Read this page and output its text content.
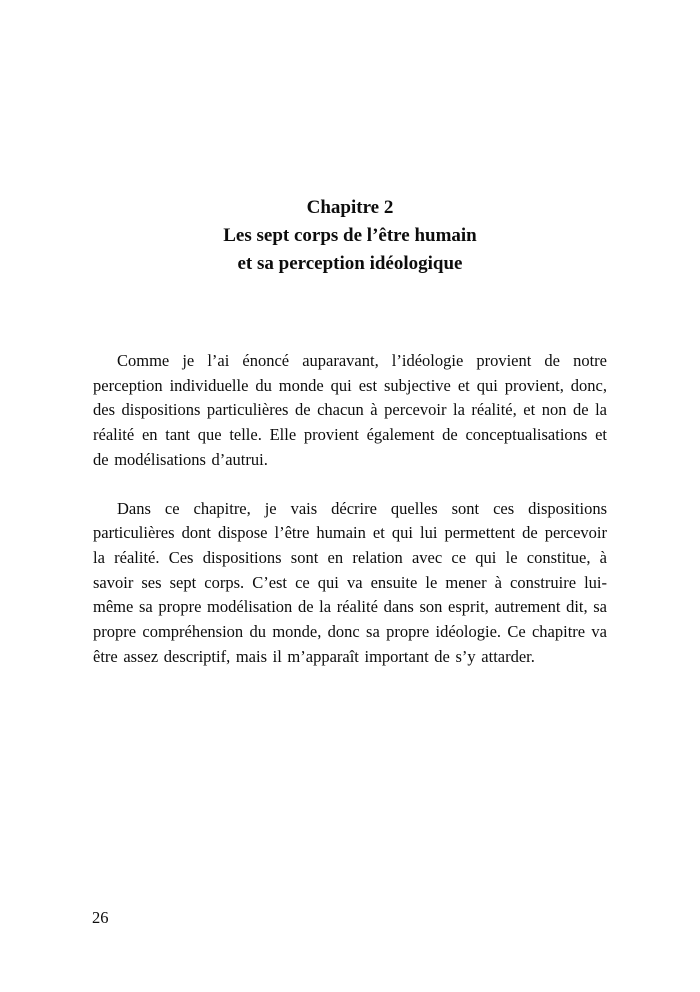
Chapitre 2
Les sept corps de l’être humain
et sa perception idéologique

Comme je l’ai énoncé auparavant, l’idéologie provient de notre perception individuelle du monde qui est subjective et qui provient, donc, des dispositions particulières de chacun à percevoir la réalité, et non de la réalité en tant que telle. Elle provient également de conceptualisations et de modélisations d’autrui.

Dans ce chapitre, je vais décrire quelles sont ces dispositions particulières dont dispose l’être humain et qui lui permettent de percevoir la réalité. Ces dispositions sont en relation avec ce qui le constitue, à savoir ses sept corps. C’est ce qui va ensuite le mener à construire lui-même sa propre modélisation de la réalité dans son esprit, autrement dit, sa propre compréhension du monde, donc sa propre idéologie. Ce chapitre va être assez descriptif, mais il m’apparaît important de s’y attarder.

26
